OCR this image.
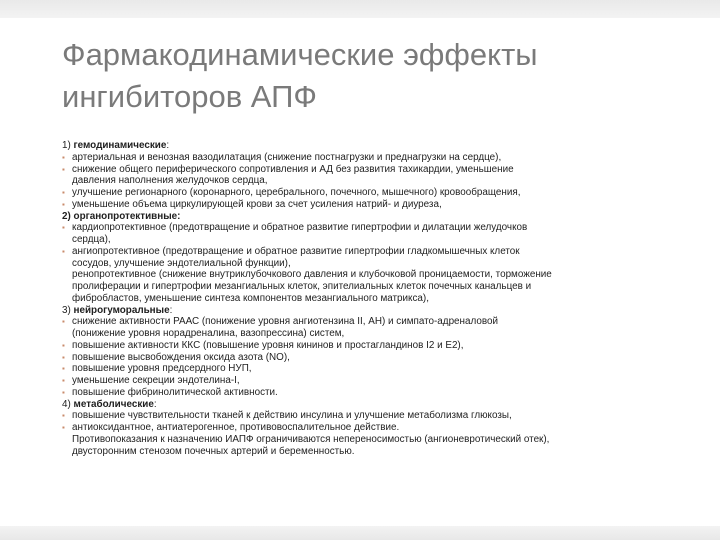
Фармакодинамические эффекты
ингибиторов АПФ
1) гемодинамические:
▪ артериальная и венозная вазодилатация (снижение постнагрузки и преднагрузки на сердце),
▪ снижение общего периферического сопротивления и АД без развития тахикардии, уменьшение
давления наполнения желудочков сердца,
▪ улучшение регионарного (коронарного, церебрального, почечного, мышечного) кровообращения,
▪ уменьшение объема циркулирующей крови за счет усиления натрий- и диуреза,
2) органопротективные:
▪ кардиопротективное (предотвращение и обратное развитие гипертрофии и дилатации желудочков
сердца),
▪ ангиопротективное (предотвращение и обратное развитие гипертрофии гладкомышечных клеток
сосудов, улучшение эндотелиальной функции),
ренопротективное (снижение внутриклубочкового давления и клубочковой проницаемости, торможение
пролиферации и гипертрофии мезангиальных клеток, эпителиальных клеток почечных канальцев и
фибробластов, уменьшение синтеза компонентов мезангиального матрикса),
3) нейрогуморальные:
▪ снижение активности РААС (понижение уровня ангиотензина II, АН) и симпато-адреналовой
(понижение уровня норадреналина, вазопрессина) систем,
▪ повышение активности ККС (повышение уровня кининов и простагландинов I2 и E2),
▪ повышение высвобождения оксида азота (NO),
▪ повышение уровня предсердного НУП,
▪ уменьшение секреции эндотелина-I,
▪ повышение фибринолитической активности.
4) метаболические:
▪ повышение чувствительности тканей к действию инсулина и улучшение метаболизма глюкозы,
▪ антиоксидантное, антиатерогенное, противовоспалительное действие.
Противопоказания к назначению ИАПФ ограничиваются непереносимостью (ангионевротический отек),
двусторонним стенозом почечных артерий и беременностью.
